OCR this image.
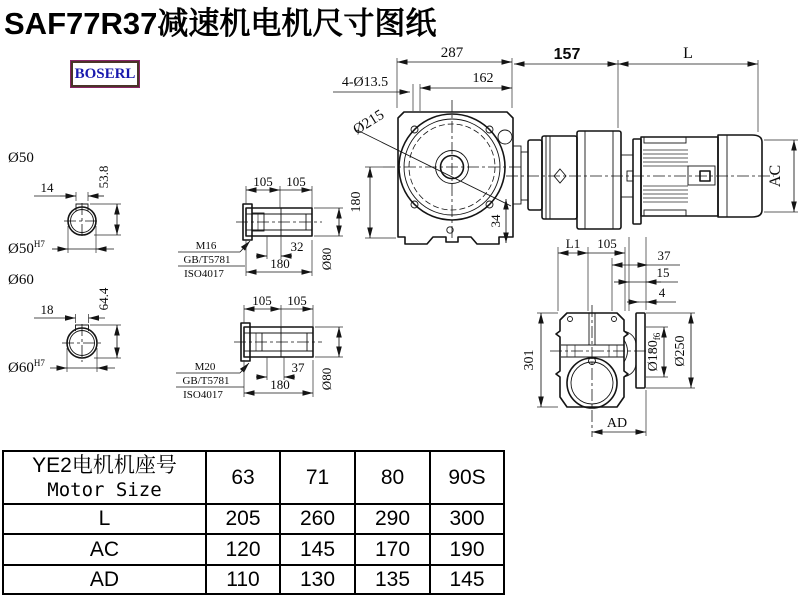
SAF77R37减速机电机尺寸图纸
BOSERL
287
162
4-Ø13.5
Ø215
180
34
157	L
AC
L1 105
37
15
4
$Ø180_{f6}$ Ø250
301
AD
Ø50
14	53.8
$Ø50^{H7}$
Ø60
18	64.4
$Ø60^{H7}$
105 105
M16
GB/T5781
ISO4017
32
180 Ø80
105 105
M20
GB/T5781
ISO4017
37
180 Ø80
YE2电机机座号
Motor Size	63	71	80	90S
L	205	260	290	300
AC	120	145	170	190
AD	110	130	135	145
